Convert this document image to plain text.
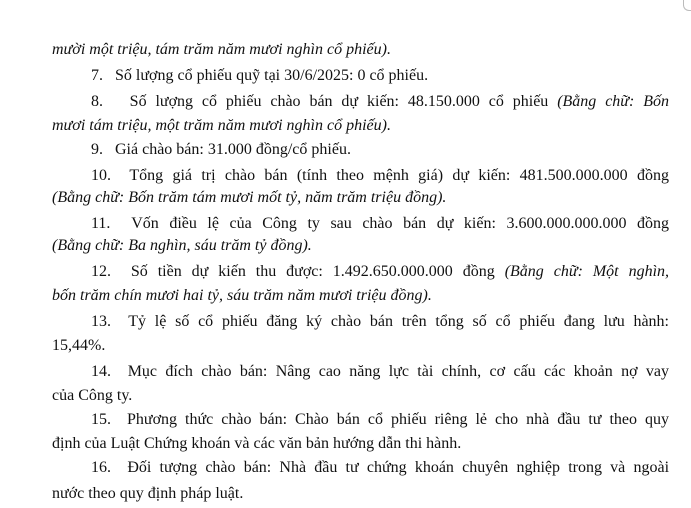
mười một triệu, tám trăm năm mươi nghìn cổ phiếu).
7. Số lượng cổ phiếu quỹ tại 30/6/2025: 0 cổ phiếu.
8. Số lượng cổ phiếu chào bán dự kiến: 48.150.000 cổ phiếu (Bằng chữ: Bốn
mươi tám triệu, một trăm năm mươi nghìn cổ phiếu).
9. Giá chào bán: 31.000 đồng/cổ phiếu.
10. Tổng giá trị chào bán (tính theo mệnh giá) dự kiến: 481.500.000.000 đồng
(Bằng chữ: Bốn trăm tám mươi mốt tỷ, năm trăm triệu đồng).
11. Vốn điều lệ của Công ty sau chào bán dự kiến: 3.600.000.000.000 đồng
(Bằng chữ: Ba nghìn, sáu trăm tỷ đồng).
12. Số tiền dự kiến thu được: 1.492.650.000.000 đồng (Bằng chữ: Một nghìn,
bốn trăm chín mươi hai tỷ, sáu trăm năm mươi triệu đồng).
13. Tỷ lệ số cổ phiếu đăng ký chào bán trên tổng số cổ phiếu đang lưu hành:
15,44%.
14. Mục đích chào bán: Nâng cao năng lực tài chính, cơ cấu các khoản nợ vay
của Công ty.
15. Phương thức chào bán: Chào bán cổ phiếu riêng lẻ cho nhà đầu tư theo quy
định của Luật Chứng khoán và các văn bản hướng dẫn thi hành.
16. Đối tượng chào bán: Nhà đầu tư chứng khoán chuyên nghiệp trong và ngoài
nước theo quy định pháp luật.
